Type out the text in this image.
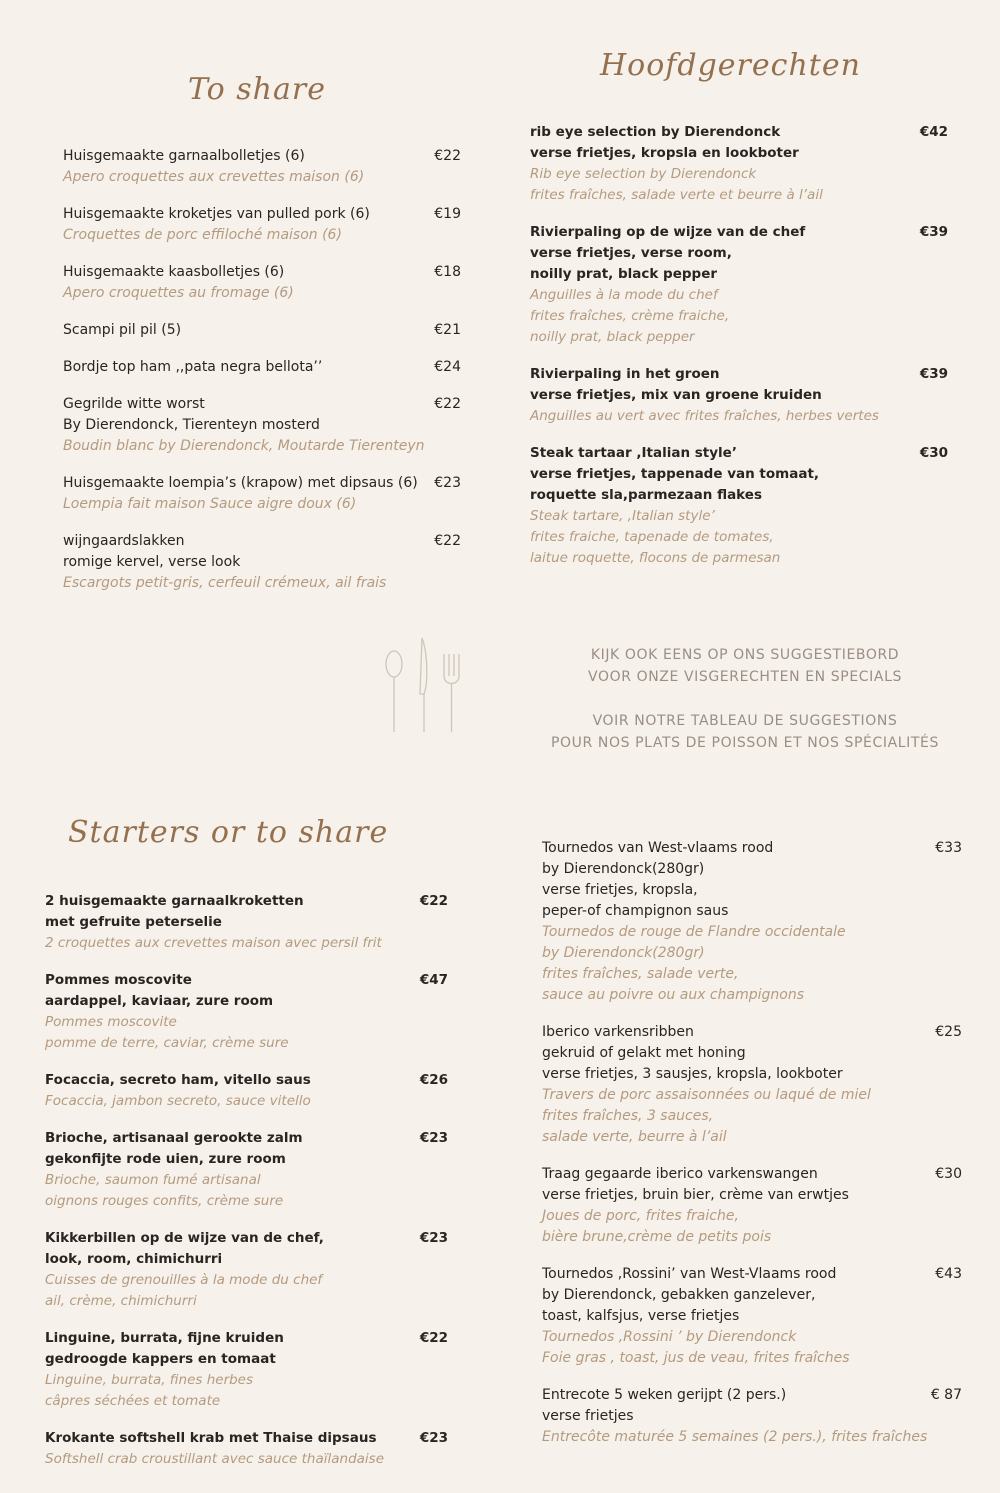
To share
Hoofdgerechten
Starters or to share
€22
Huisgemaakte garnaalbolletjes (6)
Apero croquettes aux crevettes maison (6)
€19
Huisgemaakte kroketjes van pulled pork (6)
Croquettes de porc effiloché maison (6)
€18
Huisgemaakte kaasbolletjes (6)
Apero croquettes au fromage (6)
€21
Scampi pil pil (5)
€24
Bordje top ham ,,pata negra bellota’’
€22
Gegrilde witte worst
By Dierendonck, Tierenteyn mosterd
Boudin blanc by Dierendonck, Moutarde Tierenteyn
€23
Huisgemaakte loempia’s (krapow) met dipsaus (6)
Loempia fait maison Sauce aigre doux (6)
€22
wijngaardslakken
romige kervel, verse look
Escargots petit-gris, cerfeuil crémeux, ail frais
€42
rib eye selection by Dierendonck
verse frietjes, kropsla en lookboter
Rib eye selection by Dierendonck
frites fraîches, salade verte et beurre à l’ail
€39
Rivierpaling op de wijze van de chef
verse frietjes, verse room,
noilly prat, black pepper
Anguilles à la mode du chef
frites fraîches, crème fraiche,
noilly prat, black pepper
€39
Rivierpaling in het groen
verse frietjes, mix van groene kruiden
Anguilles au vert avec frites fraîches, herbes vertes
€30
Steak tartaar ,Italian style’
verse frietjes, tappenade van tomaat,
roquette sla,parmezaan flakes
Steak tartare, ,Italian style’
frites fraiche, tapenade de tomates,
laitue roquette, flocons de parmesan
€22
2 huisgemaakte garnaalkroketten
met gefruite peterselie
2 croquettes aux crevettes maison avec persil frit
€47
Pommes moscovite
aardappel, kaviaar, zure room
Pommes moscovite
pomme de terre, caviar, crème sure
€26
Focaccia, secreto ham, vitello saus
Focaccia, jambon secreto, sauce vitello
€23
Brioche, artisanaal gerookte zalm
gekonfijte rode uien, zure room
Brioche, saumon fumé artisanal
oignons rouges confits, crème sure
€23
Kikkerbillen op de wijze van de chef,
look, room, chimichurri
Cuisses de grenouilles à la mode du chef
ail, crème, chimichurri
€22
Linguine, burrata, fijne kruiden
gedroogde kappers en tomaat
Linguine, burrata, fines herbes
câpres séchées et tomate
€23
Krokante softshell krab met Thaise dipsaus
Softshell crab croustillant avec sauce thaïlandaise
€33
Tournedos van West-vlaams rood
by Dierendonck(280gr)
verse frietjes, kropsla,
peper-of champignon saus
Tournedos de rouge de Flandre occidentale
by Dierendonck(280gr)
frites fraîches, salade verte,
sauce au poivre ou aux champignons
€25
Iberico varkensribben
gekruid of gelakt met honing
verse frietjes, 3 sausjes, kropsla, lookboter
Travers de porc assaisonnées ou laqué de miel
frites fraîches, 3 sauces,
salade verte, beurre à l’ail
€30
Traag gegaarde iberico varkenswangen
verse frietjes, bruin bier, crème van erwtjes
Joues de porc, frites fraiche,
bière brune,crème de petits pois
€43
Tournedos ,Rossini’ van West-Vlaams rood
by Dierendonck, gebakken ganzelever,
toast, kalfsjus, verse frietjes
Tournedos ,Rossini ’ by Dierendonck
Foie gras , toast, jus de veau, frites fraîches
€ 87
Entrecote 5 weken gerijpt (2 pers.)
verse frietjes
Entrecôte maturée 5 semaines (2 pers.), frites fraîches
KIJK OOK EENS OP ONS SUGGESTIEBORD
VOOR ONZE VISGERECHTEN EN SPECIALS
VOIR NOTRE TABLEAU DE SUGGESTIONS
POUR NOS PLATS DE POISSON ET NOS SPÉCIALITÉS
